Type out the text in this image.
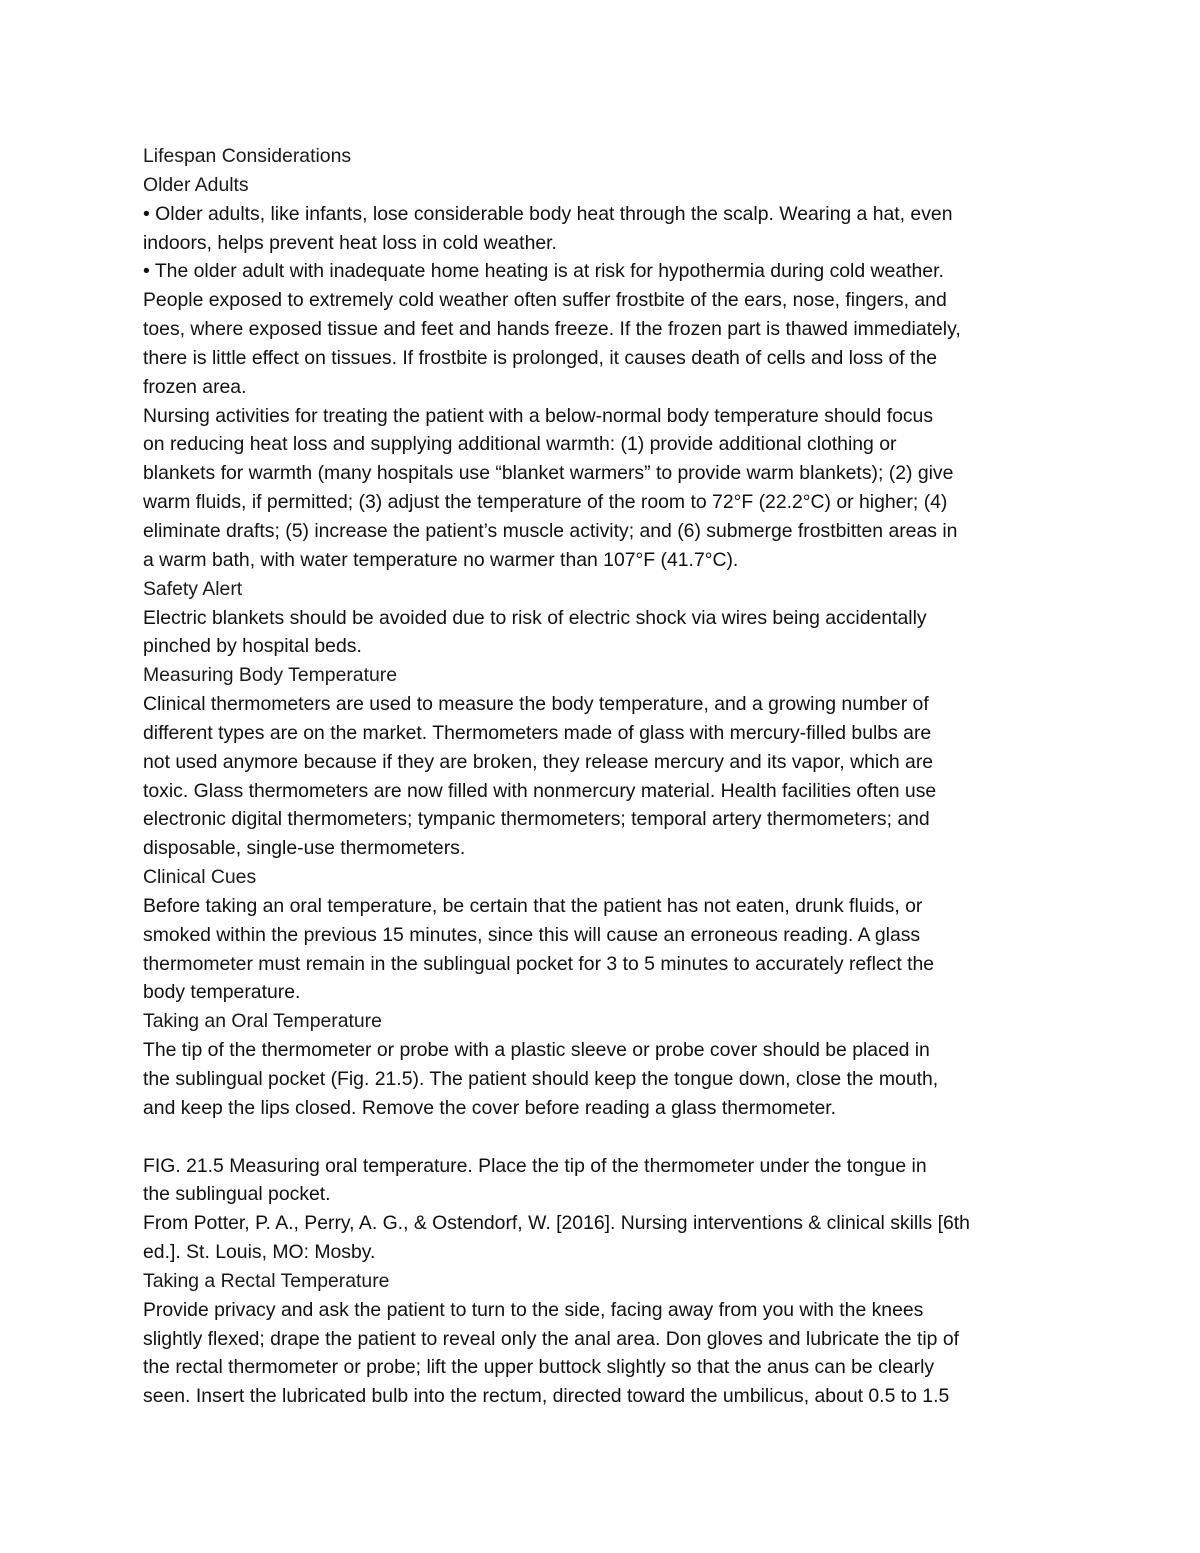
Lifespan Considerations
Older Adults
• Older adults, like infants, lose considerable body heat through the scalp. Wearing a hat, even
indoors, helps prevent heat loss in cold weather.
• The older adult with inadequate home heating is at risk for hypothermia during cold weather.
People exposed to extremely cold weather often suffer frostbite of the ears, nose, fingers, and
toes, where exposed tissue and feet and hands freeze. If the frozen part is thawed immediately,
there is little effect on tissues. If frostbite is prolonged, it causes death of cells and loss of the
frozen area.
Nursing activities for treating the patient with a below-normal body temperature should focus
on reducing heat loss and supplying additional warmth: (1) provide additional clothing or
blankets for warmth (many hospitals use “blanket warmers” to provide warm blankets); (2) give
warm fluids, if permitted; (3) adjust the temperature of the room to 72°F (22.2°C) or higher; (4)
eliminate drafts; (5) increase the patient’s muscle activity; and (6) submerge frostbitten areas in
a warm bath, with water temperature no warmer than 107°F (41.7°C).
Safety Alert
Electric blankets should be avoided due to risk of electric shock via wires being accidentally
pinched by hospital beds.
Measuring Body Temperature
Clinical thermometers are used to measure the body temperature, and a growing number of
different types are on the market. Thermometers made of glass with mercury-filled bulbs are
not used anymore because if they are broken, they release mercury and its vapor, which are
toxic. Glass thermometers are now filled with nonmercury material. Health facilities often use
electronic digital thermometers; tympanic thermometers; temporal artery thermometers; and
disposable, single-use thermometers.
Clinical Cues
Before taking an oral temperature, be certain that the patient has not eaten, drunk fluids, or
smoked within the previous 15 minutes, since this will cause an erroneous reading. A glass
thermometer must remain in the sublingual pocket for 3 to 5 minutes to accurately reflect the
body temperature.
Taking an Oral Temperature
The tip of the thermometer or probe with a plastic sleeve or probe cover should be placed in
the sublingual pocket (Fig. 21.5). The patient should keep the tongue down, close the mouth,
and keep the lips closed. Remove the cover before reading a glass thermometer.
FIG. 21.5 Measuring oral temperature. Place the tip of the thermometer under the tongue in
the sublingual pocket.
From Potter, P. A., Perry, A. G., & Ostendorf, W. [2016]. Nursing interventions & clinical skills [6th
ed.]. St. Louis, MO: Mosby.
Taking a Rectal Temperature
Provide privacy and ask the patient to turn to the side, facing away from you with the knees
slightly flexed; drape the patient to reveal only the anal area. Don gloves and lubricate the tip of
the rectal thermometer or probe; lift the upper buttock slightly so that the anus can be clearly
seen. Insert the lubricated bulb into the rectum, directed toward the umbilicus, about 0.5 to 1.5
